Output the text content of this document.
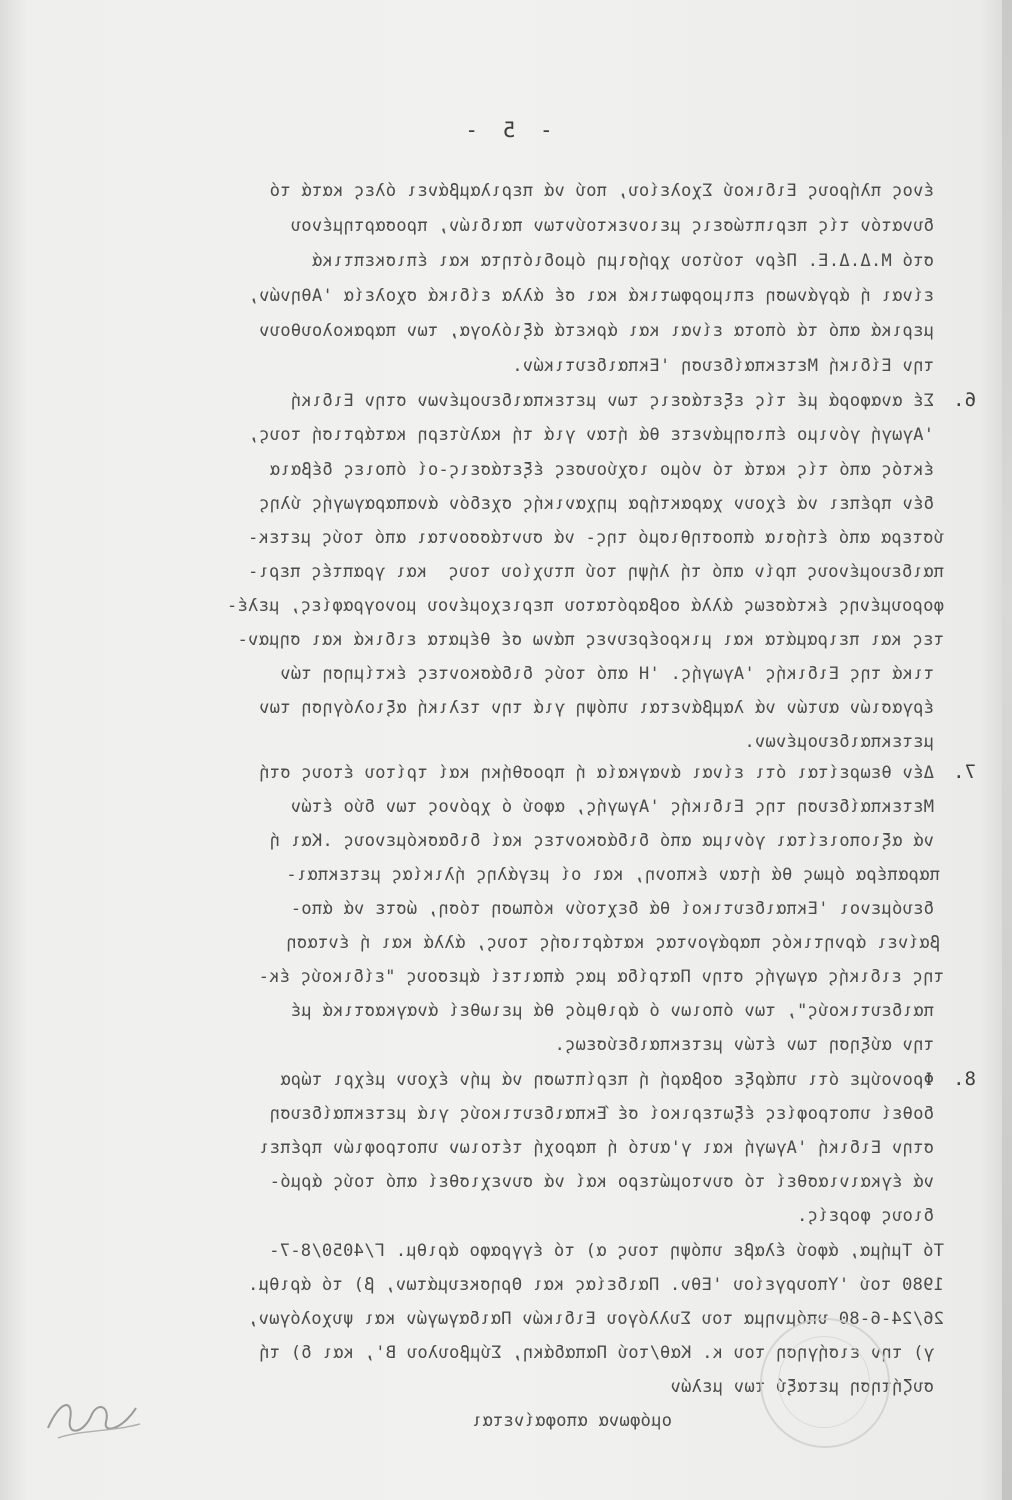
- 5 -
ένος πλήρους Ειδικού Σχολείου, πού νά περιλαμβάνει όλες κατά τό
δυνατόν τίς περιπτώσεις μειονεκτούντων παιδιών, προσαρτημένου
στό Μ.Δ.Δ.Ε. Πέρν τούτου χρήσιμη όμοδιότητα και έπισκεπτικά
είναι ή άργάνωση επιμορφωτικά και σέ άλλα είδικά σχολεία 'Αθηνών,
μερικά από τά όποτα είναι και άρκετά άξιόλογα, των παρακολουθουν
την Είδική Μετεκπαίδευση 'Εκπαιδευτικών.
6.
Σέ αναφορά μέ τίς εξετάσεις των μετεκπαιδευομένων στην Ειδική
'Αγωγή γόνιμο έπισημάνετε θά ήταν γιά τή καλύτερη κατάρτισή τους,
έκτός από τίς κατά τό νόμο ισχύουσες έξετάσεις-οί όποιες δέβαια
δέν πρέπει νά έχουν χαρακτήρα μηχανικής σχεδόν άναπαραγωγής ύλης
ύστερα από έτήσια άποστηθισμό της- νά συντάσσονται από τούς μετεκ-
παιδευομένους πρίν από τή λήψη τού πτυχίου τους  και γραπτές περι-
φορουμένης έκτάσεως άλλά σοβαρότατου περιεχομένου μονογραφίες, μελέ-
τες και πειραμάτα και μικροέρευνες πάνω σέ θέματα ειδικά και σημαν-
τικά της Ειδικής 'Αγωγής. 'Η από τούς διδάσκοντες έκτίμηση τών
έργασιών αυτών νά λαμβάνεται υπόψη γιά την τελική αξιολόγηση των
μετεκπαιδευομένων.
7.
Δέν θεωρείται ότι είναι άναγκαία ή προσθήκη καί τρίτου έτους στή
Μετεκπαίδευση της Ειδικής 'Αγωγής, αφού ό χρόνος των δύο έτών
νά αξιοποιείται γόνιμα από διδάσκοντες καί διδασκόμενους .Και ή
παραπέρα όμως θά ήταν έκπονη, και οί μεγάλης ήλικίας μετεκπαι-
δευόμενοι 'Εκπαιδευτικοί θά δεχτούν κόπωση τόση, ώστε νά άπο-
βαίνει άρνητικός παράγοντας κατάρτισής τους, άλλά και ή ένταση
της ειδικής αγωγής στην Πατρίδα μας άπαιτεί άμεσους "είδικούς έκ-
παιδευτικούς", των όποιων ό άριθμός θά μειωθεί άναγκαστικά μέ
την αύξηση των έτών μετεκπαιδεύσεως.
8.
Φρονούμε ότι υπάρξε σοβαρή ή περίπτωση νά μήν έχουν μέχρι τώρα
δοθεί υποτροφίες έξωτερικοί σέ Έκπαιδευτικούς γιά μετεκπαίδευση
στην Ειδική 'Αγωγή και γ'αυτό ή παροχή τέτοιων υποτροφιών πρέπει
νά έγκαινιασθεί τό συντομώτερο καί νά συνεχισθεί από τούς άρμό-
διους φορείς.
Τό Τμήμα, άφού έλαβε υπόψη τους α) τό έγγραφο άριθμ. Γ/4050/8-7-
1980 τού 'Υπουργείου 'Εθν. Παιδείας και Θρησκευμάτων, β) τό άριθμ.
26/24-6-80 υπόμνημα του Συλλόγου Ειδικών Παιδαγωγών και ψυχολόγων,
γ) την εισήγηση του κ. Καθ/τού Παπαδάκη, Σύμβουλου Β', και δ) τή
συζήτηση μεταξύ των μελών
ομόφωνα αποφαίνεται
